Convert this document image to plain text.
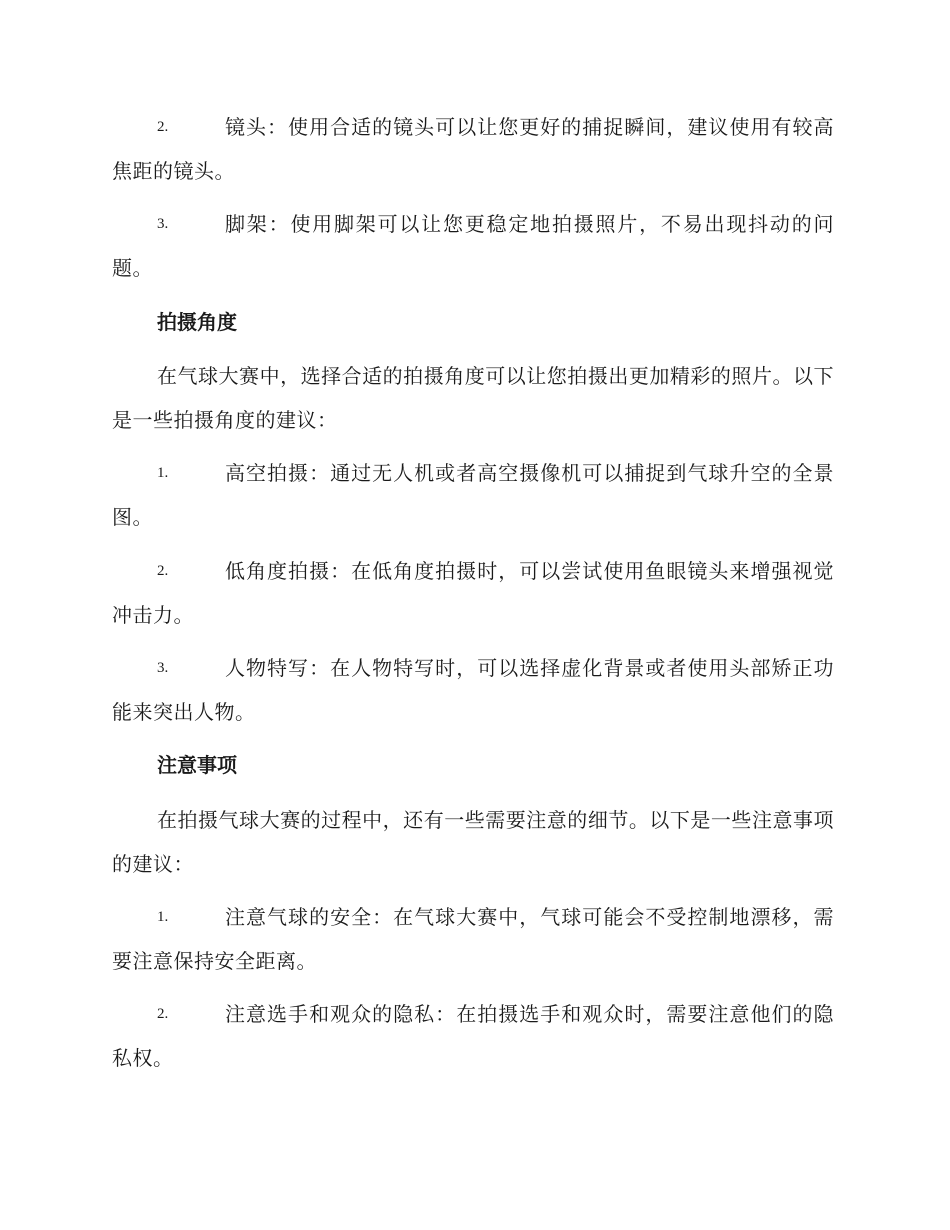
2.	镜头：使用合适的镜头可以让您更好的捕捉瞬间，建议使用有较高焦距的镜头。
3.	脚架：使用脚架可以让您更稳定地拍摄照片，不易出现抖动的问题。
拍摄角度
在气球大赛中，选择合适的拍摄角度可以让您拍摄出更加精彩的照片。以下是一些拍摄角度的建议：
1.	高空拍摄：通过无人机或者高空摄像机可以捕捉到气球升空的全景图。
2.	低角度拍摄：在低角度拍摄时，可以尝试使用鱼眼镜头来增强视觉冲击力。
3.	人物特写：在人物特写时，可以选择虚化背景或者使用头部矫正功能来突出人物。
注意事项
在拍摄气球大赛的过程中，还有一些需要注意的细节。以下是一些注意事项的建议：
1.	注意气球的安全：在气球大赛中，气球可能会不受控制地漂移，需要注意保持安全距离。
2.	注意选手和观众的隐私：在拍摄选手和观众时，需要注意他们的隐私权。
